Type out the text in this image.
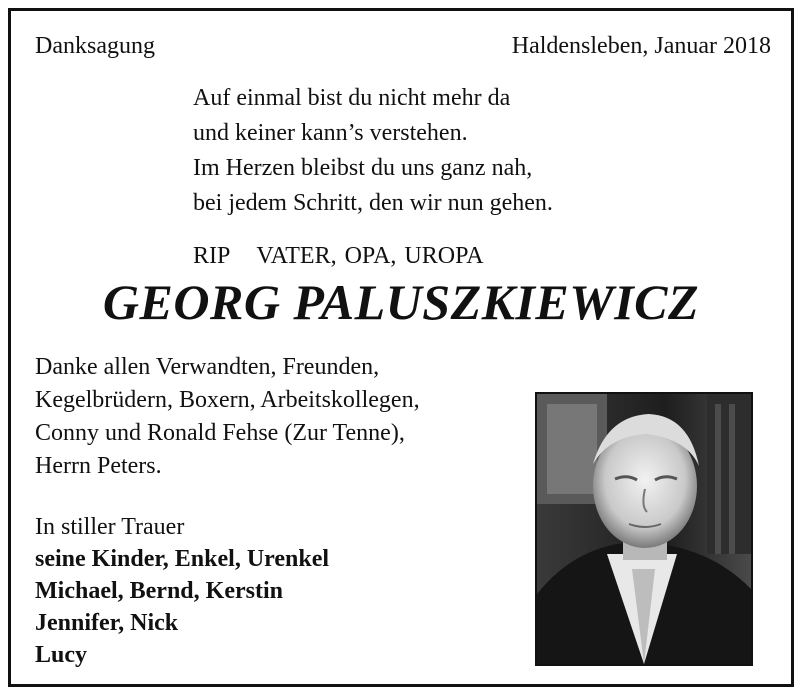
Danksagung	Haldensleben, Januar 2018
Auf einmal bist du nicht mehr da
und keiner kann’s verstehen.
Im Herzen bleibst du uns ganz nah,
bei jedem Schritt, den wir nun gehen.
RIP VATER, OPA, UROPA
GEORG PALUSZKIEWICZ
Danke allen Verwandten, Freunden,
Kegelbrüdern, Boxern, Arbeitskollegen,
Conny und Ronald Fehse (Zur Tenne),
Herrn Peters.
In stiller Trauer
seine Kinder, Enkel, Urenkel
Michael, Bernd, Kerstin
Jennifer, Nick
Lucy
